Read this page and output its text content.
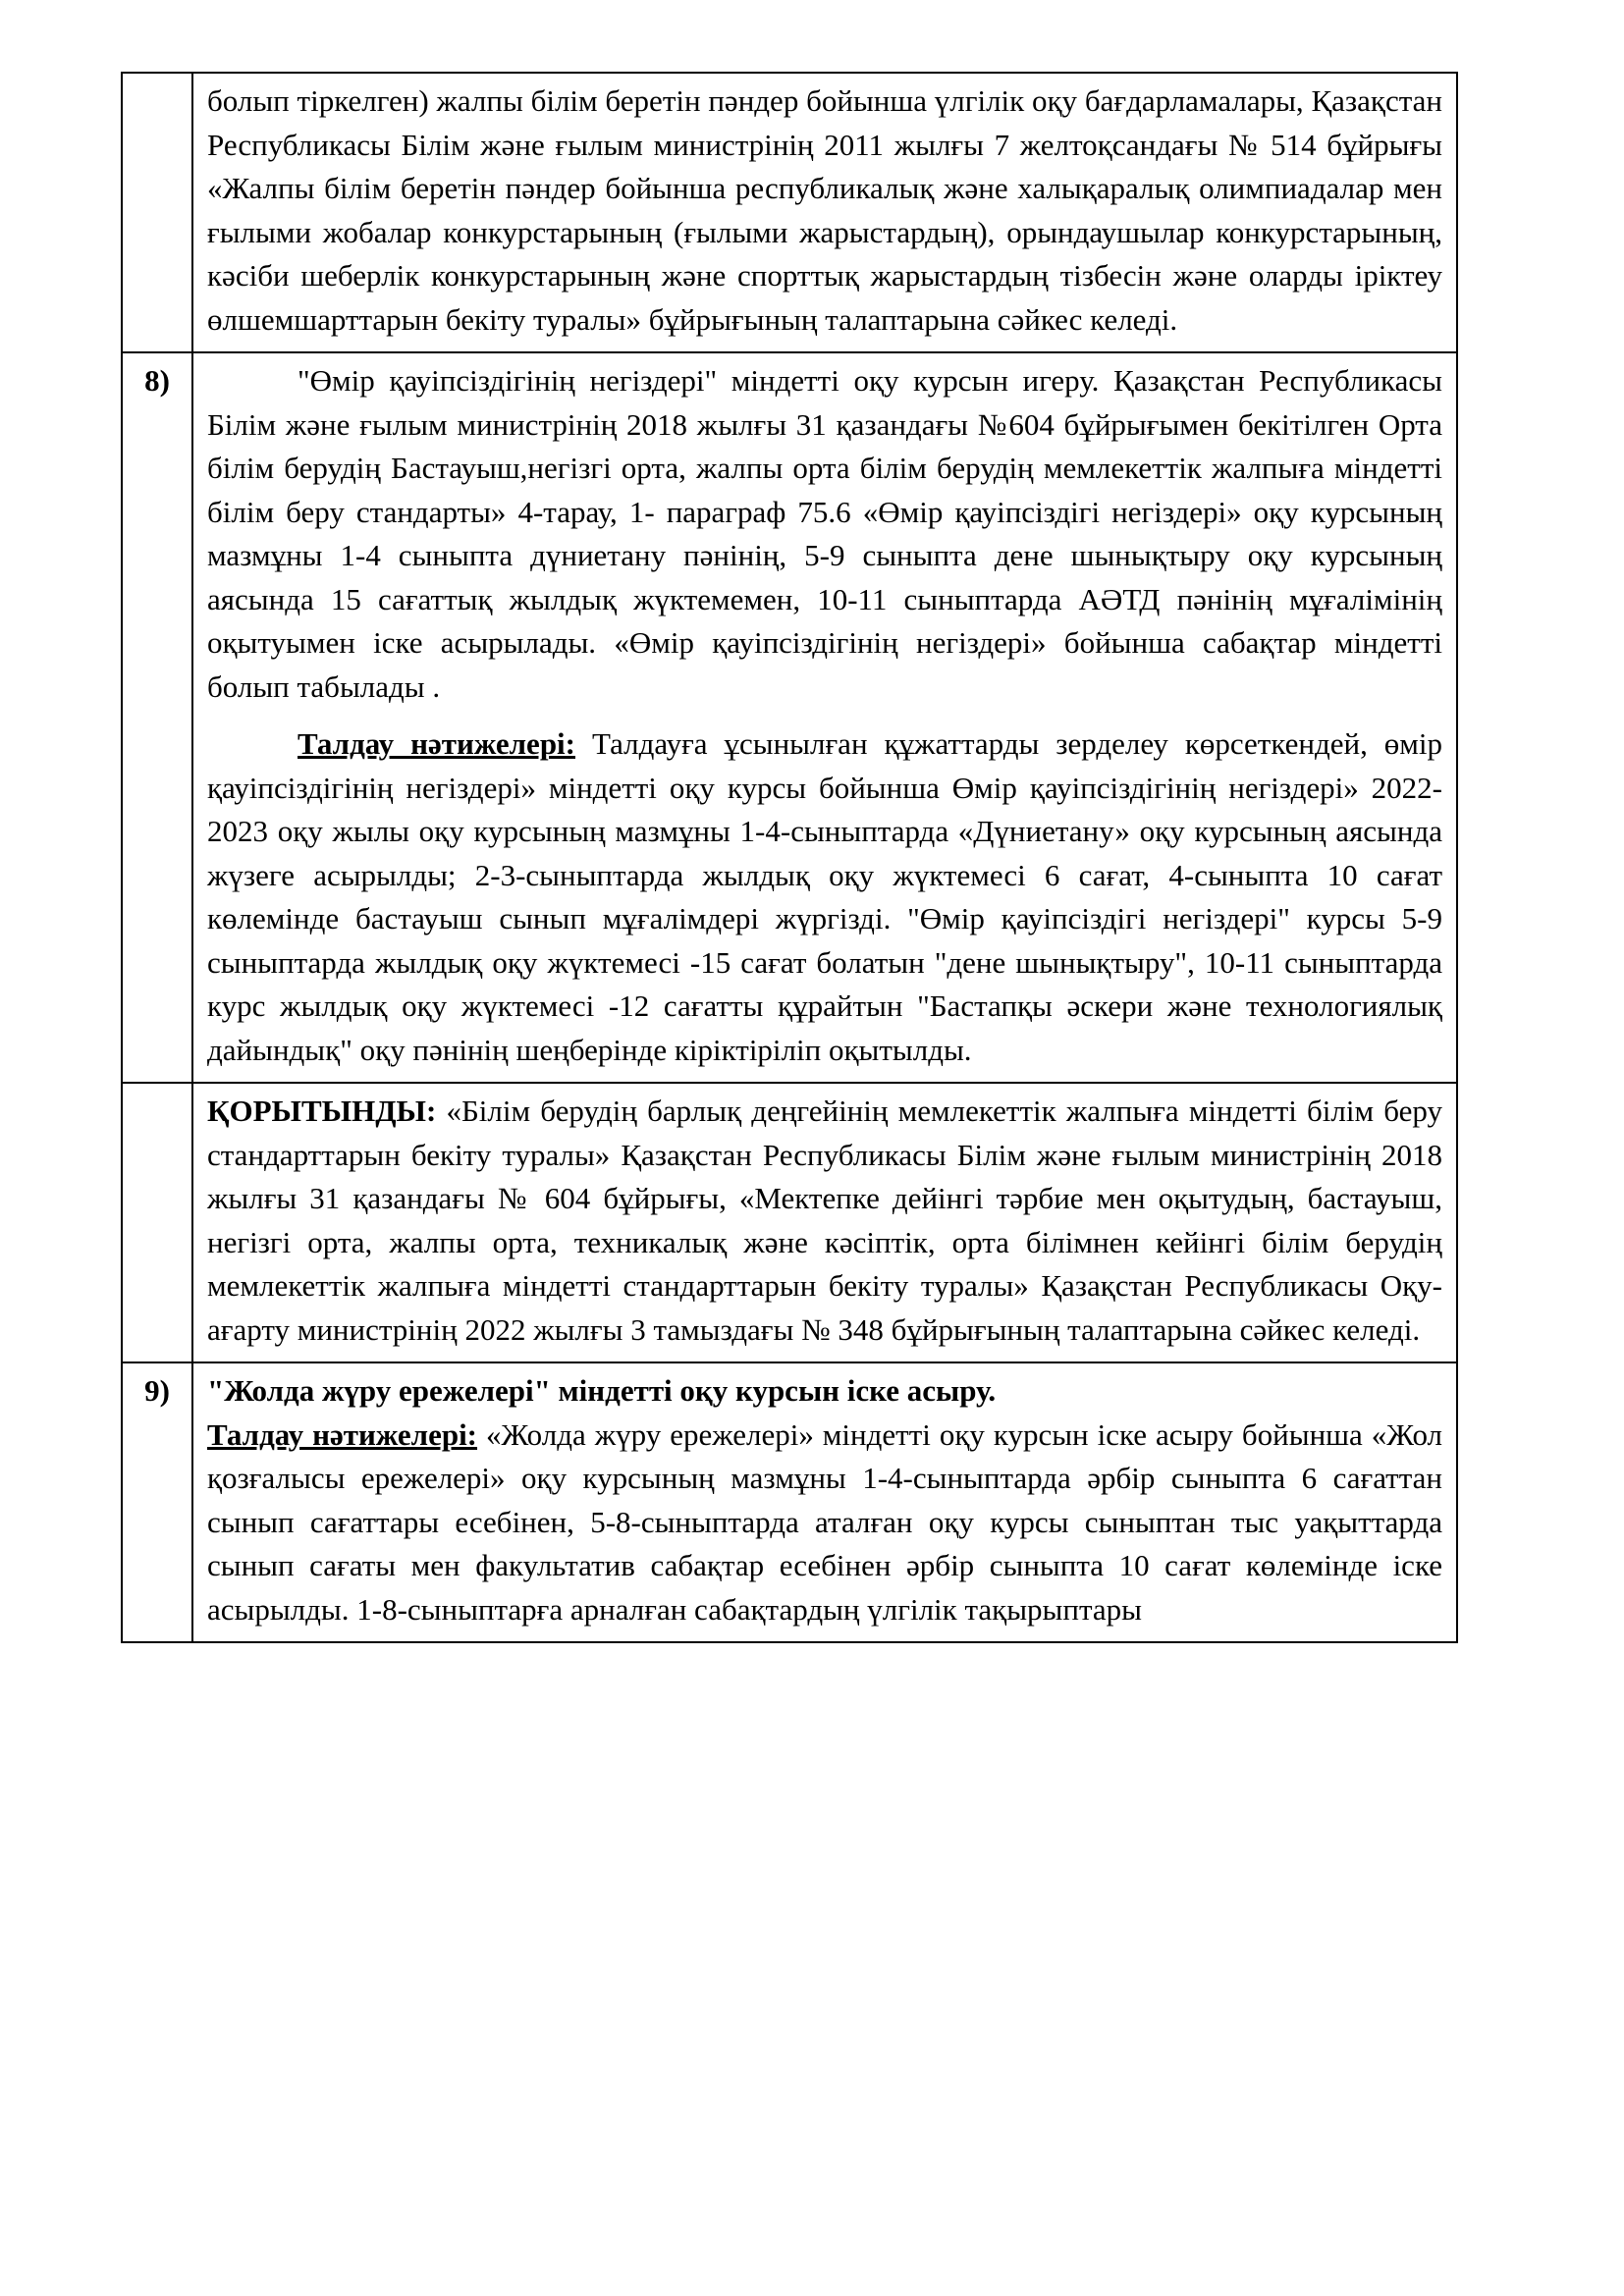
	болып тіркелген) жалпы білім беретін пәндер бойынша үлгілік оқу бағдарламалары, Қазақстан Республикасы Білім және ғылым министрінің 2011 жылғы 7 желтоқсандағы № 514 бұйрығы «Жалпы білім беретін пәндер бойынша республикалық және халықаралық олимпиадалар мен ғылыми жобалар конкурстарының (ғылыми жарыстардың), орындаушылар конкурстарының, кәсіби шеберлік конкурстарының және спорттық жарыстардың тізбесін және оларды іріктеу өлшемшарттарын бекіту туралы» бұйрығының талаптарына сәйкес келеді.

8)	"Өмір қауіпсіздігінің негіздері" міндетті оқу курсын игеру. Қазақстан Республикасы Білім және ғылым министрінің 2018 жылғы 31 қазандағы №604 бұйрығымен бекітілген Орта білім берудің Бастауыш,негізгі орта, жалпы орта білім берудің мемлекеттік жалпыға міндетті білім беру стандарты» 4-тарау, 1- параграф 75.6 «Өмір қауіпсіздігі негіздері» оқу курсының мазмұны 1-4 сыныпта дүниетану пәнінің, 5-9 сыныпта дене шынықтыру оқу курсының аясында 15 сағаттық жылдық жүктемемен, 10-11 сыныптарда АӘТД пәнінің мұғалімінің оқытуымен іске асырылады. «Өмір қауіпсіздігінің негіздері» бойынша сабақтар міндетті болып табылады .

Талдау нәтижелері: Талдауға ұсынылған құжаттарды зерделеу көрсеткендей, өмір қауіпсіздігінің негіздері» міндетті оқу курсы бойынша Өмір қауіпсіздігінің негіздері» 2022-2023 оқу жылы оқу курсының мазмұны 1-4-сыныптарда «Дүниетану» оқу курсының аясында жүзеге асырылды; 2-3-сыныптарда жылдық оқу жүктемесі 6 сағат, 4-сыныпта 10 сағат көлемінде бастауыш сынып мұғалімдері жүргізді. "Өмір қауіпсіздігі негіздері" курсы 5-9 сыныптарда жылдық оқу жүктемесі -15 сағат болатын "дене шынықтыру", 10-11 сыныптарда курс жылдық оқу жүктемесі -12 сағатты құрайтын "Бастапқы әскери және технологиялық дайындық" оқу пәнінің шеңберінде кіріктіріліп оқытылды.

	ҚОРЫТЫНДЫ: «Білім берудің барлық деңгейінің мемлекеттік жалпыға міндетті білім беру стандарттарын бекіту туралы» Қазақстан Республикасы Білім және ғылым министрінің 2018 жылғы 31 қазандағы № 604 бұйрығы, «Мектепке дейінгі тәрбие мен оқытудың, бастауыш, негізгі орта, жалпы орта, техникалық және кәсіптік, орта білімнен кейінгі білім берудің мемлекеттік жалпыға міндетті стандарттарын бекіту туралы» Қазақстан Республикасы Оқу-ағарту министрінің 2022 жылғы 3 тамыздағы № 348 бұйрығының талаптарына сәйкес келеді.

9)	"Жолда жүру ережелері" міндетті оқу курсын іске асыру.

Талдау нәтижелері: «Жолда жүру ережелері» міндетті оқу курсын іске асыру бойынша «Жол қозғалысы ережелері» оқу курсының мазмұны 1-4-сыныптарда әрбір сыныпта 6 сағаттан сынып сағаттары есебінен, 5-8-сыныптарда аталған оқу курсы сыныптан тыс уақыттарда сынып сағаты мен факультатив сабақтар есебінен әрбір сыныпта 10 сағат көлемінде іске асырылды. 1-8-сыныптарға арналған сабақтардың үлгілік тақырыптары
